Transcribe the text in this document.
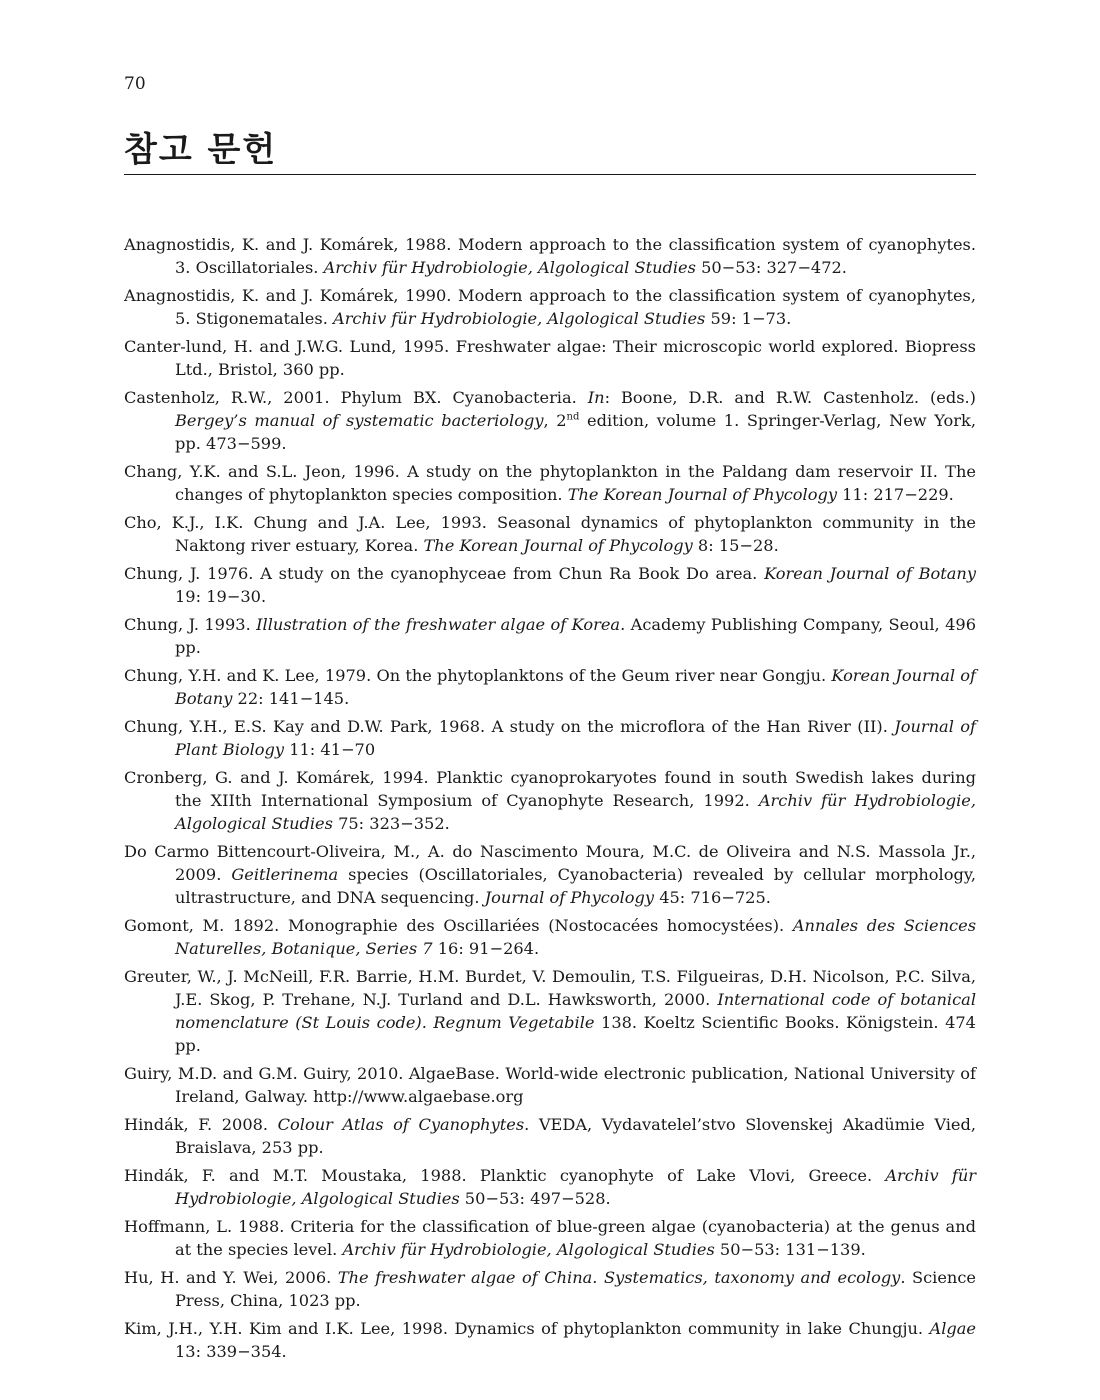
70
참고 문헌

Anagnostidis, K. and J. Komárek, 1988. Modern approach to the classification system of cyanophytes. 3. Oscillatoriales. Archiv für Hydrobiologie, Algological Studies 50−53: 327−472.

Anagnostidis, K. and J. Komárek, 1990. Modern approach to the classification system of cyanophytes, 5. Stigonematales. Archiv für Hydrobiologie, Algological Studies 59: 1−73.

Canter-lund, H. and J.W.G. Lund, 1995. Freshwater algae: Their microscopic world explored. Biopress Ltd., Bristol, 360 pp.

Castenholz, R.W., 2001. Phylum BX. Cyanobacteria. In: Boone, D.R. and R.W. Castenholz. (eds.) Bergey’s manual of systematic bacteriology, 2nd edition, volume 1. Springer-Verlag, New York, pp. 473−599.

Chang, Y.K. and S.L. Jeon, 1996. A study on the phytoplankton in the Paldang dam reservoir II. The changes of phytoplankton species composition. The Korean Journal of Phycology 11: 217−229.

Cho, K.J., I.K. Chung and J.A. Lee, 1993. Seasonal dynamics of phytoplankton community in the Naktong river estuary, Korea. The Korean Journal of Phycology 8: 15−28.

Chung, J. 1976. A study on the cyanophyceae from Chun Ra Book Do area. Korean Journal of Botany 19: 19−30.

Chung, J. 1993. Illustration of the freshwater algae of Korea. Academy Publishing Company, Seoul, 496 pp.

Chung, Y.H. and K. Lee, 1979. On the phytoplanktons of the Geum river near Gongju. Korean Journal of Botany 22: 141−145.

Chung, Y.H., E.S. Kay and D.W. Park, 1968. A study on the microflora of the Han River (II). Journal of Plant Biology 11: 41−70

Cronberg, G. and J. Komárek, 1994. Planktic cyanoprokaryotes found in south Swedish lakes during the XIIth International Symposium of Cyanophyte Research, 1992. Archiv für Hydrobiologie, Algological Studies 75: 323−352.

Do Carmo Bittencourt-Oliveira, M., A. do Nascimento Moura, M.C. de Oliveira and N.S. Massola Jr., 2009. Geitlerinema species (Oscillatoriales, Cyanobacteria) revealed by cellular morphology, ultrastructure, and DNA sequencing. Journal of Phycology 45: 716−725.

Gomont, M. 1892. Monographie des Oscillariées (Nostocacées homocystées). Annales des Sciences Naturelles, Botanique, Series 7 16: 91−264.

Greuter, W., J. McNeill, F.R. Barrie, H.M. Burdet, V. Demoulin, T.S. Filgueiras, D.H. Nicolson, P.C. Silva, J.E. Skog, P. Trehane, N.J. Turland and D.L. Hawksworth, 2000. International code of botanical nomenclature (St Louis code). Regnum Vegetabile 138. Koeltz Scientific Books. Königstein. 474 pp.

Guiry, M.D. and G.M. Guiry, 2010. AlgaeBase. World-wide electronic publication, National University of Ireland, Galway. http://www.algaebase.org

Hindák, F. 2008. Colour Atlas of Cyanophytes. VEDA, Vydavatelel’stvo Slovenskej Akadümie Vied, Braislava, 253 pp.

Hindák, F. and M.T. Moustaka, 1988. Planktic cyanophyte of Lake Vlovi, Greece. Archiv für Hydrobiologie, Algological Studies 50−53: 497−528.

Hoffmann, L. 1988. Criteria for the classification of blue-green algae (cyanobacteria) at the genus and at the species level. Archiv für Hydrobiologie, Algological Studies 50−53: 131−139.

Hu, H. and Y. Wei, 2006. The freshwater algae of China. Systematics, taxonomy and ecology. Science Press, China, 1023 pp.

Kim, J.H., Y.H. Kim and I.K. Lee, 1998. Dynamics of phytoplankton community in lake Chungju. Algae 13: 339−354.
